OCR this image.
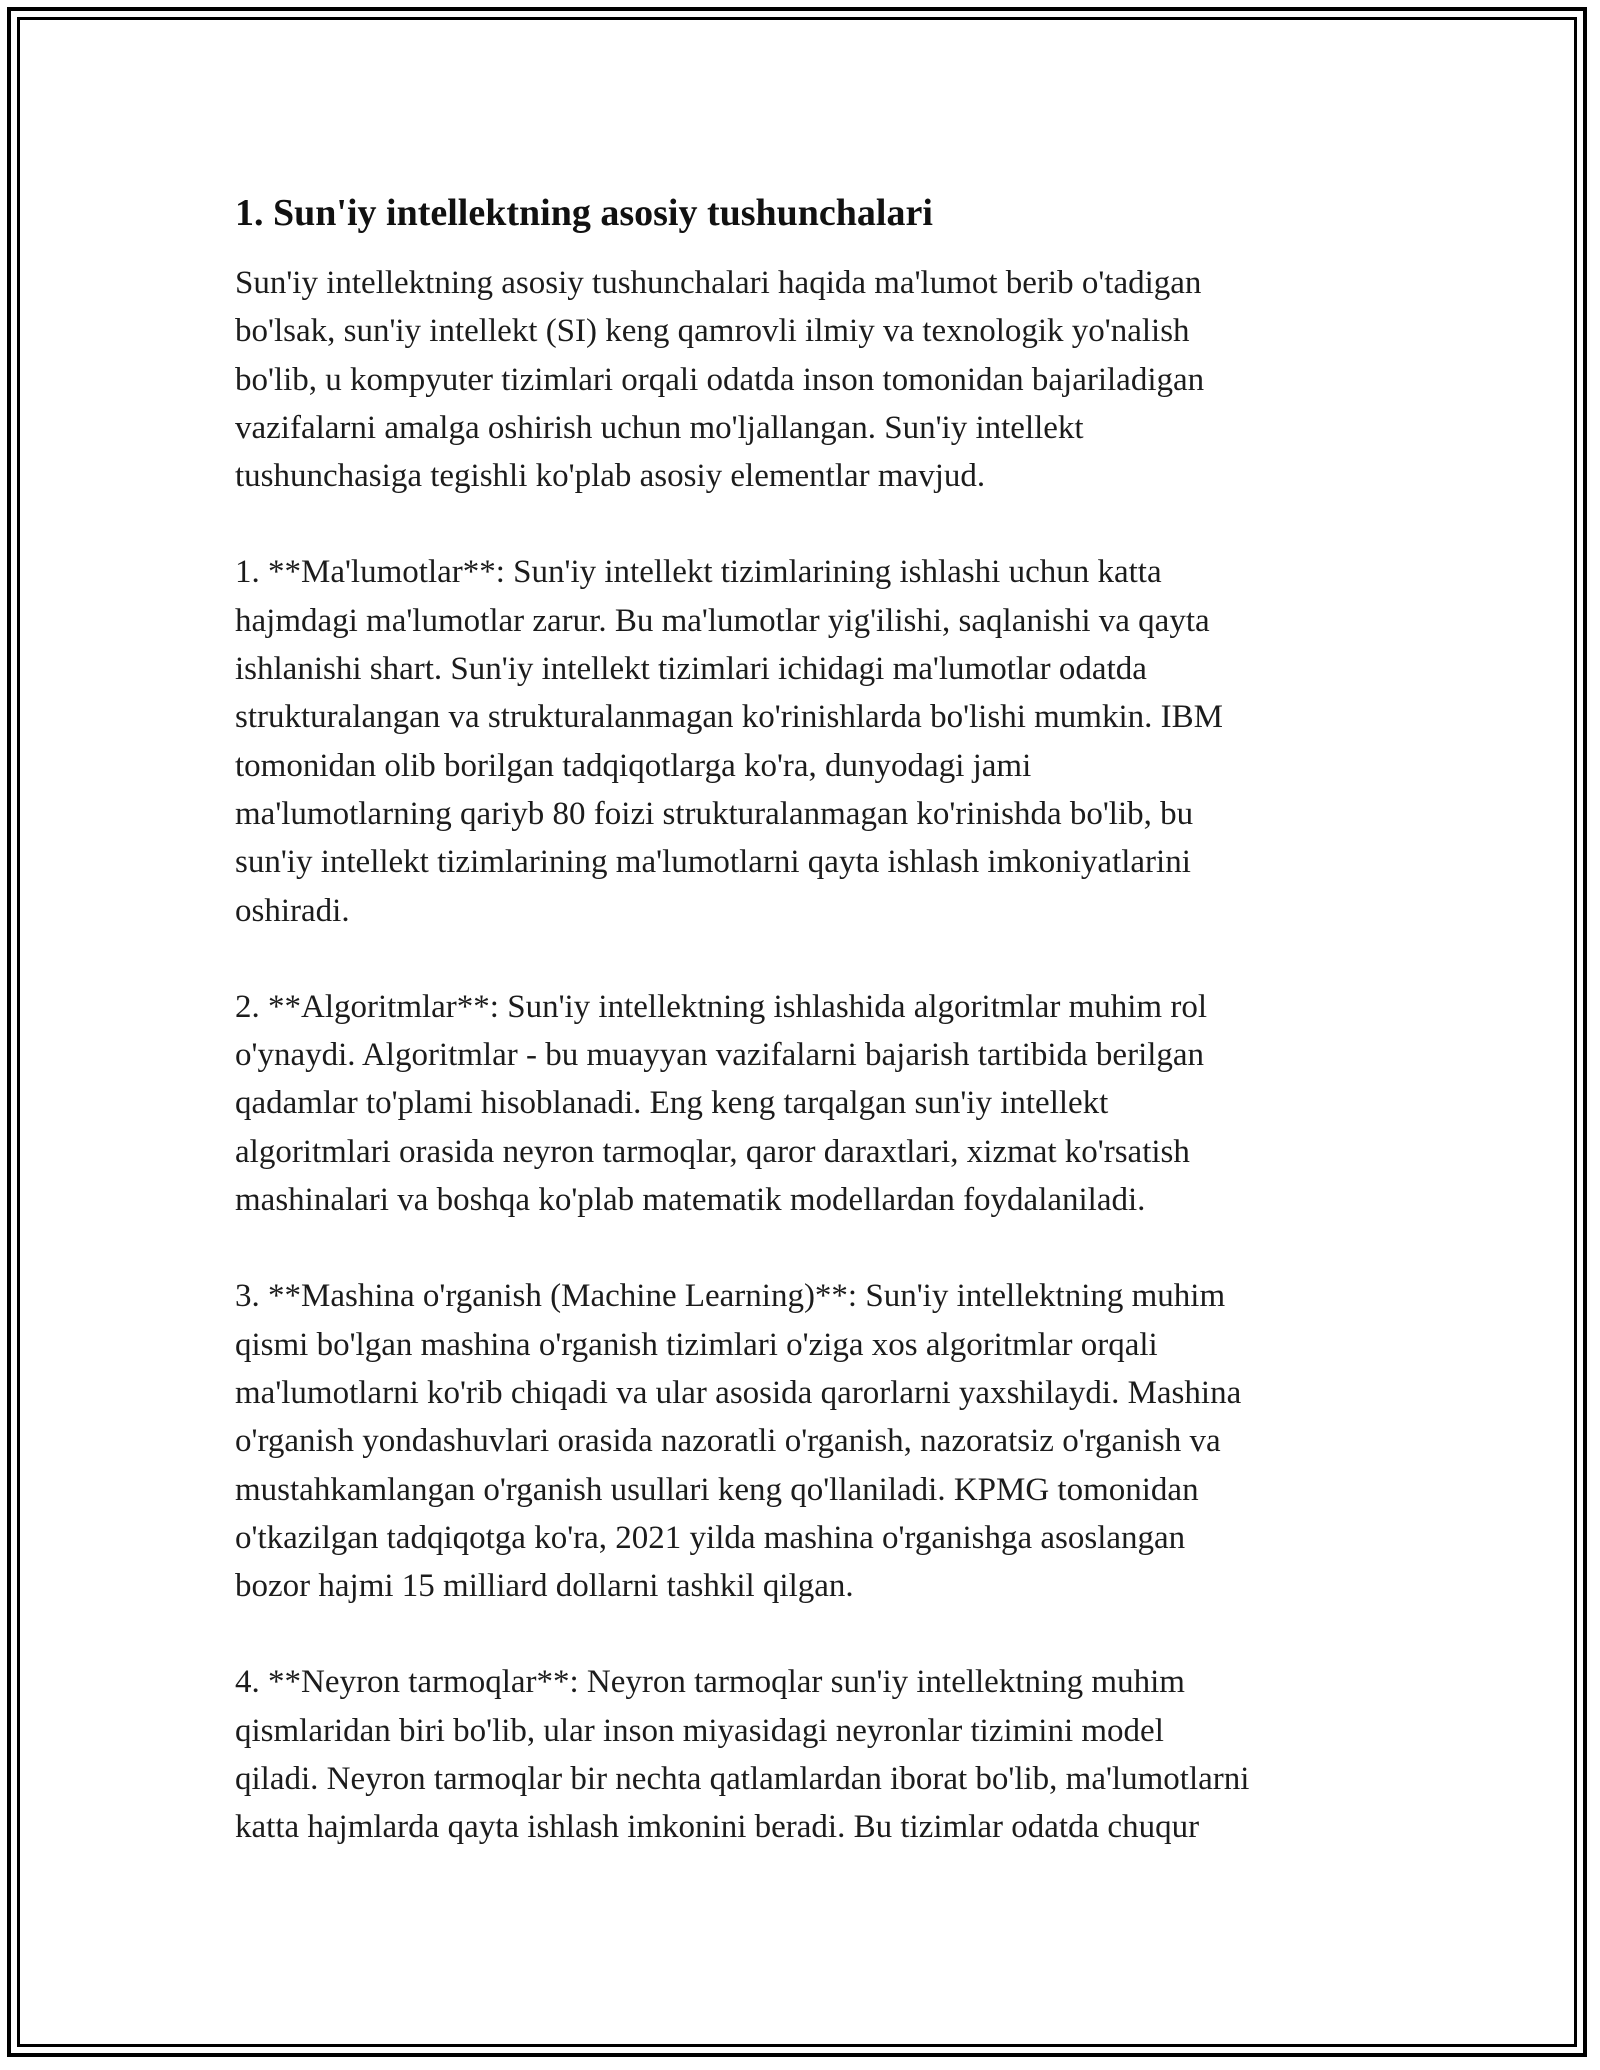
1. Sun'iy intellektning asosiy tushunchalari

Sun'iy intellektning asosiy tushunchalari haqida ma'lumot berib o'tadigan
bo'lsak, sun'iy intellekt (SI) keng qamrovli ilmiy va texnologik yo'nalish
bo'lib, u kompyuter tizimlari orqali odatda inson tomonidan bajariladigan
vazifalarni amalga oshirish uchun mo'ljallangan. Sun'iy intellekt
tushunchasiga tegishli ko'plab asosiy elementlar mavjud.

1. **Ma'lumotlar**: Sun'iy intellekt tizimlarining ishlashi uchun katta
hajmdagi ma'lumotlar zarur. Bu ma'lumotlar yig'ilishi, saqlanishi va qayta
ishlanishi shart. Sun'iy intellekt tizimlari ichidagi ma'lumotlar odatda
strukturalangan va strukturalanmagan ko'rinishlarda bo'lishi mumkin. IBM
tomonidan olib borilgan tadqiqotlarga ko'ra, dunyodagi jami
ma'lumotlarning qariyb 80 foizi strukturalanmagan ko'rinishda bo'lib, bu
sun'iy intellekt tizimlarining ma'lumotlarni qayta ishlash imkoniyatlarini
oshiradi.

2. **Algoritmlar**: Sun'iy intellektning ishlashida algoritmlar muhim rol
o'ynaydi. Algoritmlar - bu muayyan vazifalarni bajarish tartibida berilgan
qadamlar to'plami hisoblanadi. Eng keng tarqalgan sun'iy intellekt
algoritmlari orasida neyron tarmoqlar, qaror daraxtlari, xizmat ko'rsatish
mashinalari va boshqa ko'plab matematik modellardan foydalaniladi.

3. **Mashina o'rganish (Machine Learning)**: Sun'iy intellektning muhim
qismi bo'lgan mashina o'rganish tizimlari o'ziga xos algoritmlar orqali
ma'lumotlarni ko'rib chiqadi va ular asosida qarorlarni yaxshilaydi. Mashina
o'rganish yondashuvlari orasida nazoratli o'rganish, nazoratsiz o'rganish va
mustahkamlangan o'rganish usullari keng qo'llaniladi. KPMG tomonidan
o'tkazilgan tadqiqotga ko'ra, 2021 yilda mashina o'rganishga asoslangan
bozor hajmi 15 milliard dollarni tashkil qilgan.

4. **Neyron tarmoqlar**: Neyron tarmoqlar sun'iy intellektning muhim
qismlaridan biri bo'lib, ular inson miyasidagi neyronlar tizimini model
qiladi. Neyron tarmoqlar bir nechta qatlamlardan iborat bo'lib, ma'lumotlarni
katta hajmlarda qayta ishlash imkonini beradi. Bu tizimlar odatda chuqur
